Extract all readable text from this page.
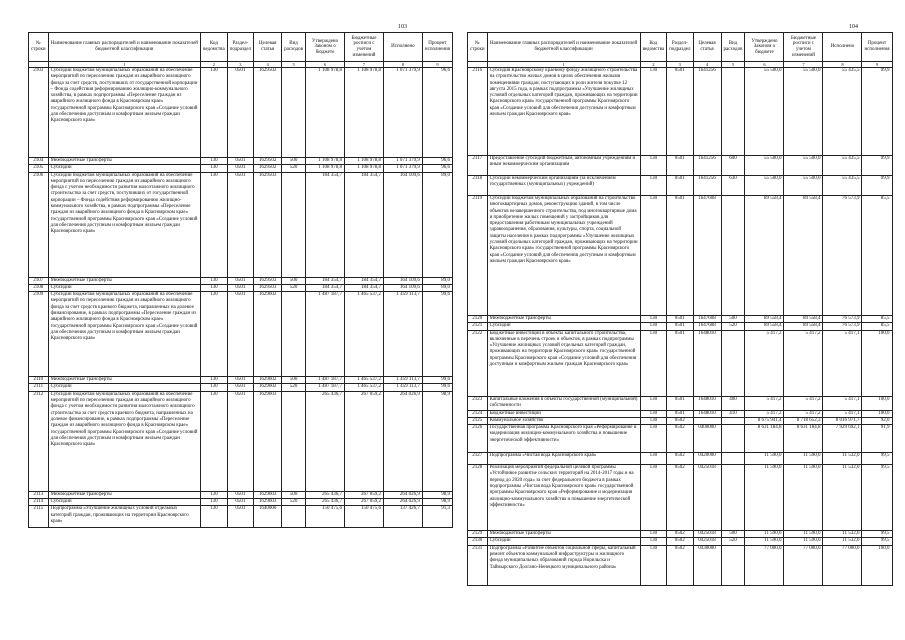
103
№ строки	Наименование главных распорядителей и наименование показателей бюджетной классификации	Код ведомства	Раздел-подраздел	Целевая статья	Вид расходов	Утверждено Законом о бюджете	Бюджетные росписи с учетом изменений	Исполнено	Процент исполнения
	1	2	3	4	5	6	7	8	9
2103	Субсидии бюджетам муниципальных образований на обеспечение мероприятий по переселению граждан из аварийного жилищного фонда за счет средств, поступивших от государственной корпорации – Фонда содействия реформированию жилищно-коммунального хозяйства, в рамках подпрограммы «Переселение граждан из аварийного жилищного фонда в Красноярском крае» государственной программы Красноярского края «Создание условий для обеспечения доступным и комфортным жильем граждан Красноярского края»	130	0501	1629502		1 108 978,8	1 108 978,8	1 071 379,9	96,6
2104	Межбюджетные трансферты	130	0501	1629502	500	1 108 978,8	1 108 978,8	1 071 379,9	96,6
2105	Субсидии	130	0501	1629502	520	1 108 978,8	1 108 978,8	1 071 379,9	96,6
2106	Субсидии бюджетам муниципальных образований на обеспечение мероприятий по переселению граждан из аварийного жилищного фонда с учетом необходимости развития малоэтажного жилищного строительства за счет средств, поступивших от государственной корпорации – Фонда содействия реформированию жилищно-коммунального хозяйства, в рамках подпрограммы «Переселение граждан из аварийного жилищного фонда в Красноярском крае» государственной программы Красноярского края «Создание условий для обеспечения доступным и комфортным жильем граждан Красноярского края»	130	0501	1629503		184 354,7	184 354,7	164 109,6	89,0
2107	Межбюджетные трансферты	130	0501	1629503	500	184 354,7	184 354,7	164 109,6	89,0
2108	Субсидии	130	0501	1629503	520	184 354,7	184 354,7	164 109,6	89,0
2109	Субсидии бюджетам муниципальных образований на обеспечение мероприятий по переселению граждан из аварийного жилищного фонда за счет средств краевого бюджета, направленных на долевое финансирование, в рамках подпрограммы «Переселение граждан из аварийного жилищного фонда в Красноярском крае» государственной программы Красноярского края «Создание условий для обеспечения доступным и комфортным жильем граждан Красноярского края»	130	0501	1629602		1 487 187,7	1 465 537,2	1 459 113,7	99,6
2110	Межбюджетные трансферты	130	0501	1629602	500	1 487 187,7	1 465 537,2	1 459 113,7	99,6
2111	Субсидии	130	0501	1629602	520	1 487 187,7	1 465 537,2	1 459 113,7	99,6
2112	Субсидии бюджетам муниципальных образований на обеспечение мероприятий по переселению граждан из аварийного жилищного фонда с учетом необходимости развития малоэтажного жилищного строительства за счет средств краевого бюджета, направленных на долевое финансирование, в рамках подпрограммы «Переселение граждан из аварийного жилищного фонда в Красноярском крае» государственной программы Красноярского края «Создание условий для обеспечения доступным и комфортным жильем граждан Красноярского края»	130	0501	1629603		265 436,7	267 059,2	264 026,9	98,9
2113	Межбюджетные трансферты	130	0501	1629603	500	265 436,7	267 059,2	264 026,9	98,9
2114	Субсидии	130	0501	1629603	520	265 436,7	267 059,2	264 026,9	98,9
2115	Подпрограмма «Улучшение жилищных условий отдельных категорий граждан, проживающих на территории Красноярского края»	130	0501	1640000		150 475,6	150 475,6	137 426,7	91,3
104
№ строки	Наименование главных распорядителей и наименование показателей бюджетной классификации	Код ведомства	Раздел-подраздел	Целевая статья	Вид расходов	Утверждено Законом о бюджете	Бюджетные росписи с учетом изменений	Исполнено	Процент исполнения
	1	2	3	4	5	6	7	8	9
2116	Субсидия Красноярскому краевому фонду жилищного строительства на строительство жилых домов в целях обеспечения жилыми помещениями граждан, поступающих в роли жителя покупке 12 августа 2015 года, в рамках подпрограммы «Улучшение жилищных условий отдельных категорий граждан, проживающих на территории Красноярского края» государственной программы Красноярского края «Создание условий для обеспечения доступным и комфортным жильем граждан Красноярского края»	130	0501	1641256		55 500,0	55 500,0	55 435,5	99,9
2117	Предоставление субсидий бюджетным, автономным учреждениям и иным некоммерческим организациям	130	0501	1641256	600	55 500,0	55 500,0	55 435,5	99,9
2118	Субсидии некоммерческим организациям (за исключением государственных (муниципальных) учреждений)	130	0501	1641256	630	55 500,0	55 500,0	55 435,5	99,9
2119	Субсидии бюджетам муниципальных образований на строительство многоквартирных домов, реконструкцию зданий, в том числе объектов незавершенного строительства, под многоквартирные дома и приобретение жилых помещений у застройщиков для предоставления работникам муниципальных учреждений здравоохранения, образования, культуры, спорта, социальной защиты населения в рамках подпрограммы «Улучшение жилищных условий отдельных категорий граждан, проживающих на территории Красноярского края» государственной программы Красноярского края «Создание условий для обеспечения доступным и комфортным жильем граждан Красноярского края»	130	0501	1647608		89 558,4	89 558,4	76 573,9	85,5
2120	Межбюджетные трансферты	130	0501	1647608	500	89 558,4	89 558,4	76 573,9	85,5
2121	Субсидии	130	0501	1647608	520	89 558,4	89 558,4	76 573,9	85,5
2122	Бюджетные инвестиции в объекты капитального строительства, включенные в перечень строек и объектов, в рамках подпрограммы «Улучшение жилищных условий отдельных категорий граждан, проживающих на территории Красноярского края» государственной программы Красноярского края «Создание условий для обеспечения доступным и комфортным жильем граждан Красноярского края»	130	0501	1648010		5 417,2	5 417,2	5 417,1	100,0
2123	Капитальные вложения в объекты государственной (муниципальной) собственности	130	0501	1648010	400	5 417,2	5 417,2	5 417,1	100,0
2124	Бюджетные инвестиции	130	0501	1648010	410	5 417,2	5 417,2	5 417,1	100,0
2125	Коммунальное хозяйство	130	0502			8 675 941,4	8 718 652,3	8 016 971,7	92,0
2126	Государственная программа Красноярского края «Реформирование и модернизация жилищно-коммунального хозяйства и повышение энергетической эффективности»	130	0502	0400000		8 631 184,8	8 631 184,8	7 929 692,1	91,9
2127	Подпрограмма «Чистая вода Красноярского края»	130	0502	0420000		11 590,0	11 590,0	11 532,0	99,5
2128	Реализация мероприятий федеральной целевой программы «Устойчивое развитие сельских территорий на 2014-2017 годы и на период до 2020 года» за счет федерального бюджета в рамках подпрограммы «Чистая вода Красноярского края» государственной программы Красноярского края «Реформирование и модернизация жилищно-коммунального хозяйства и повышение энергетической эффективности»	130	0502	0425018		11 590,0	11 590,0	11 532,0	99,5
2129	Межбюджетные трансферты	130	0502	0425018	500	11 590,0	11 590,0	11 532,0	99,5
2130	Субсидии	130	0502	0425018	520	11 590,0	11 590,0	11 532,0	99,5
2131	Подпрограмма «Развитие объектов социальной сферы, капитальный ремонт объектов коммунальной инфраструктуры и жилищного фонда муниципальных образований города Норильска и Таймырского Долгано-Ненецкого муниципального района»	130	0502	0430000		77 000,0	77 000,0	77 000,0	100,0
